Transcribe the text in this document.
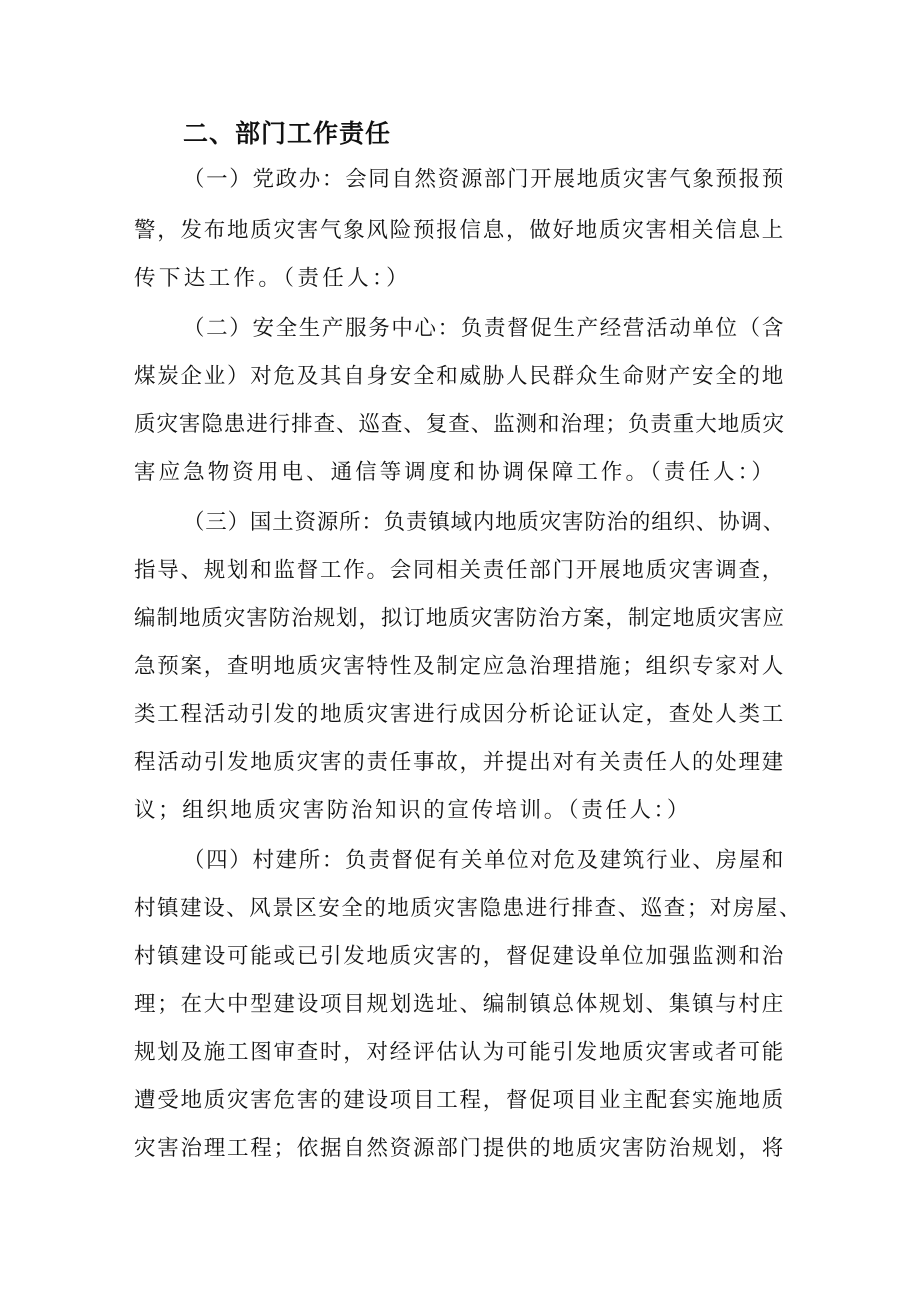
二、部门工作责任
（一）党政办：会同自然资源部门开展地质灾害气象预报预
警，发布地质灾害气象风险预报信息，做好地质灾害相关信息上
传下达工作。（责任人：）
（二）安全生产服务中心：负责督促生产经营活动单位（含
煤炭企业）对危及其自身安全和威胁人民群众生命财产安全的地
质灾害隐患进行排查、巡查、复查、监测和治理；负责重大地质灾
害应急物资用电、通信等调度和协调保障工作。（责任人：）
（三）国土资源所：负责镇域内地质灾害防治的组织、协调、
指导、规划和监督工作。会同相关责任部门开展地质灾害调查，
编制地质灾害防治规划，拟订地质灾害防治方案，制定地质灾害应
急预案，查明地质灾害特性及制定应急治理措施；组织专家对人
类工程活动引发的地质灾害进行成因分析论证认定，查处人类工
程活动引发地质灾害的责任事故，并提出对有关责任人的处理建
议；组织地质灾害防治知识的宣传培训。（责任人：）
（四）村建所：负责督促有关单位对危及建筑行业、房屋和
村镇建设、风景区安全的地质灾害隐患进行排查、巡查；对房屋、
村镇建设可能或已引发地质灾害的，督促建设单位加强监测和治
理；在大中型建设项目规划选址、编制镇总体规划、集镇与村庄
规划及施工图审查时，对经评估认为可能引发地质灾害或者可能
遭受地质灾害危害的建设项目工程，督促项目业主配套实施地质
灾害治理工程；依据自然资源部门提供的地质灾害防治规划，将
